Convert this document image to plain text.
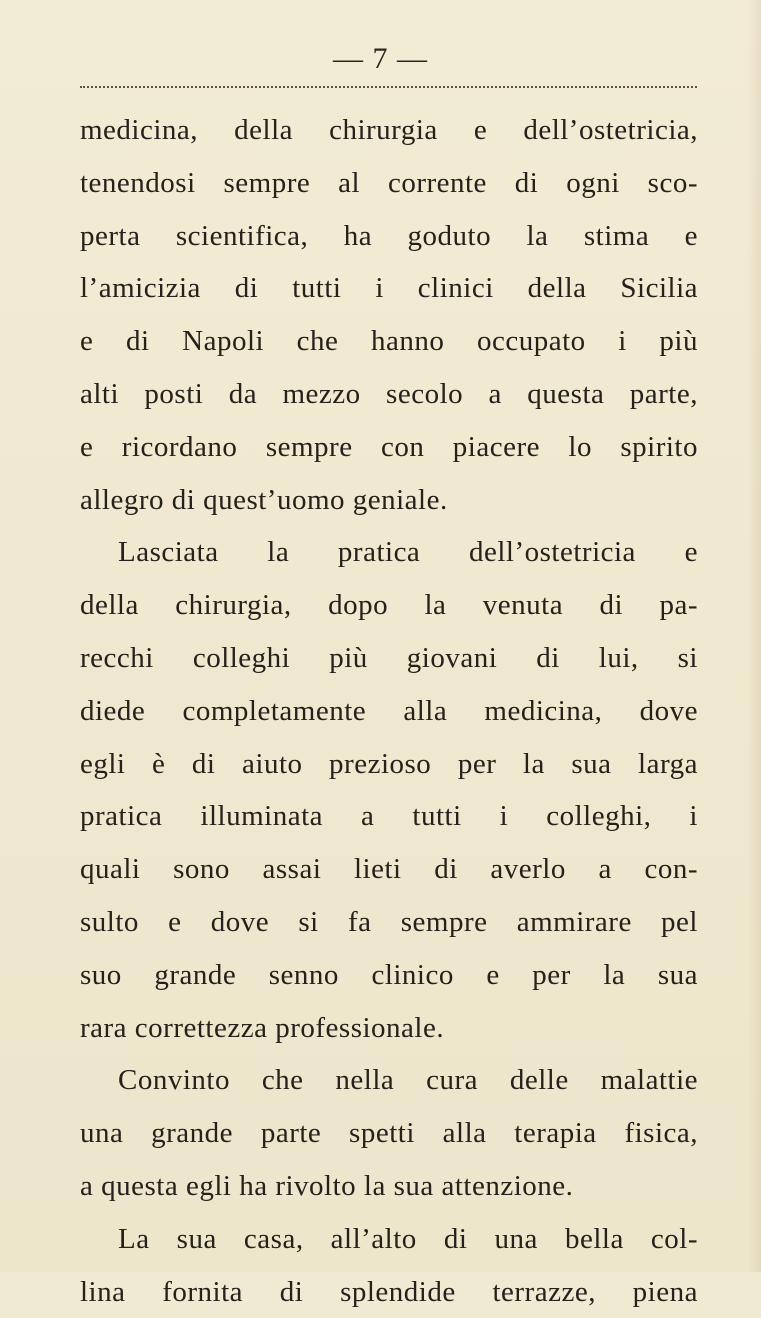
— 7 —
medicina, della chirurgia e dell’ostetricia,
tenendosi sempre al corrente di ogni sco-
perta scientifica, ha goduto la stima e
l’amicizia di tutti i clinici della Sicilia
e di Napoli che hanno occupato i più
alti posti da mezzo secolo a questa parte,
e ricordano sempre con piacere lo spirito
allegro di quest’uomo geniale.
Lasciata la pratica dell’ostetricia e
della chirurgia, dopo la venuta di pa-
recchi colleghi più giovani di lui, si
diede completamente alla medicina, dove
egli è di aiuto prezioso per la sua larga
pratica illuminata a tutti i colleghi, i
quali sono assai lieti di averlo a con-
sulto e dove si fa sempre ammirare pel
suo grande senno clinico e per la sua
rara correttezza professionale.
Convinto che nella cura delle malattie
una grande parte spetti alla terapia fisica,
a questa egli ha rivolto la sua attenzione.
La sua casa, all’alto di una bella col-
lina fornita di splendide terrazze, piena
